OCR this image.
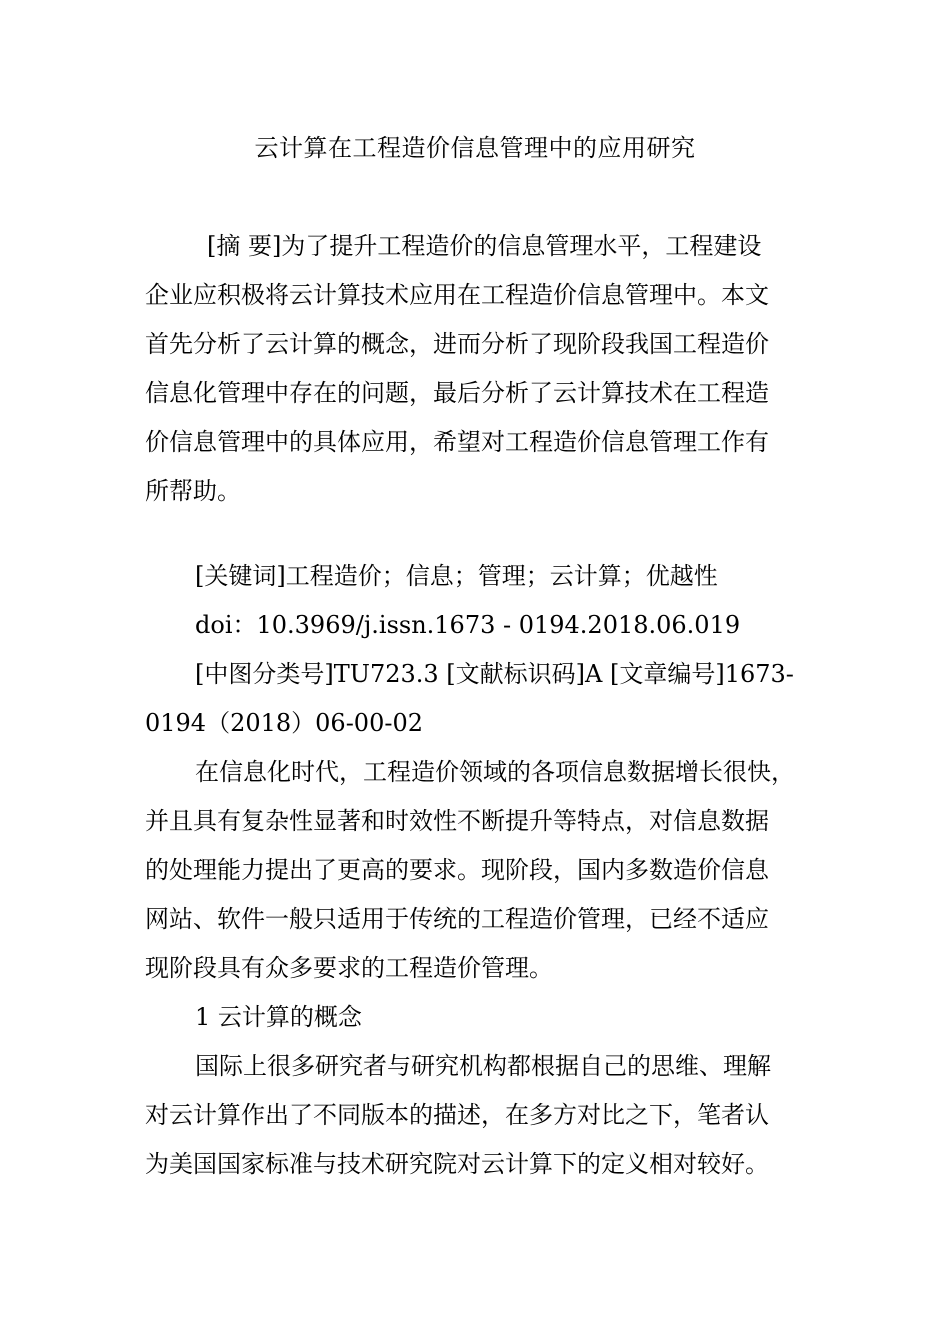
云计算在工程造价信息管理中的应用研究
[摘 要]为了提升工程造价的信息管理水平，工程建设
企业应积极将云计算技术应用在工程造价信息管理中。本文
首先分析了云计算的概念，进而分析了现阶段我国工程造价
信息化管理中存在的问题，最后分析了云计算技术在工程造
价信息管理中的具体应用，希望对工程造价信息管理工作有
所帮助。
[关键词]工程造价；信息；管理；云计算；优越性
doi：10.3969/j.issn.1673 - 0194.2018.06.019
[中图分类号]TU723.3 [文献标识码]A [文章编号]1673-
0194（2018）06-00-02
在信息化时代，工程造价领域的各项信息数据增长很快，
并且具有复杂性显著和时效性不断提升等特点，对信息数据
的处理能力提出了更高的要求。现阶段，国内多数造价信息
网站、软件一般只适用于传统的工程造价管理，已经不适应
现阶段具有众多要求的工程造价管理。
1 云计算的概念
国际上很多研究者与研究机构都根据自己的思维、理解
对云计算作出了不同版本的描述，在多方对比之下，笔者认
为美国国家标准与技术研究院对云计算下的定义相对较好。
